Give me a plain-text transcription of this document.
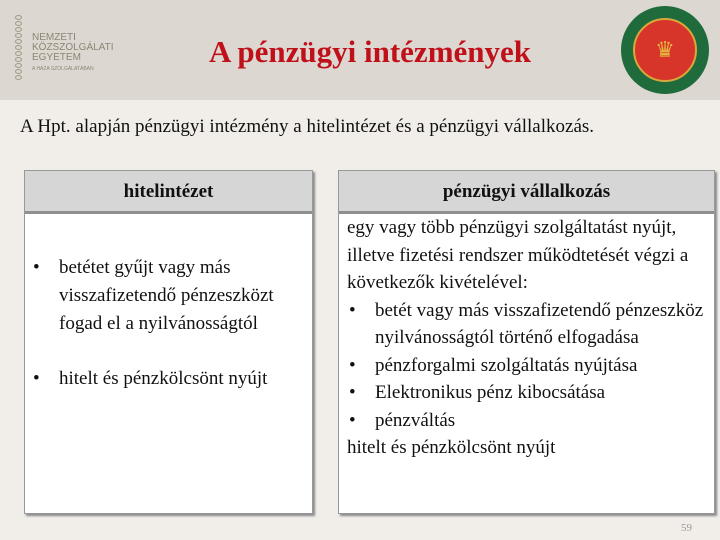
NEMZETI
KÖZSZOLGÁLATI
EGYETEM
A HAZA SZOLGÁLATÁBAN	A pénzügyi intézmények	♛
A Hpt. alapján pénzügyi intézmény a hitelintézet és a pénzügyi vállalkozás.
hitelintézet
• betétet gyűjt vagy más visszafizetendő pénzeszközt fogad el a nyilvánosságtól
• hitelt és pénzkölcsönt nyújt
pénzügyi vállalkozás
egy vagy több pénzügyi szolgáltatást nyújt, illetve fizetési rendszer működtetését végzi a következők kivételével:
• betét vagy más visszafizetendő pénzeszköz nyilvánosságtól történő elfogadása
• pénzforgalmi szolgáltatás nyújtása
• Elektronikus pénz kibocsátása
• pénzváltás
hitelt és pénzkölcsönt nyújt
59
